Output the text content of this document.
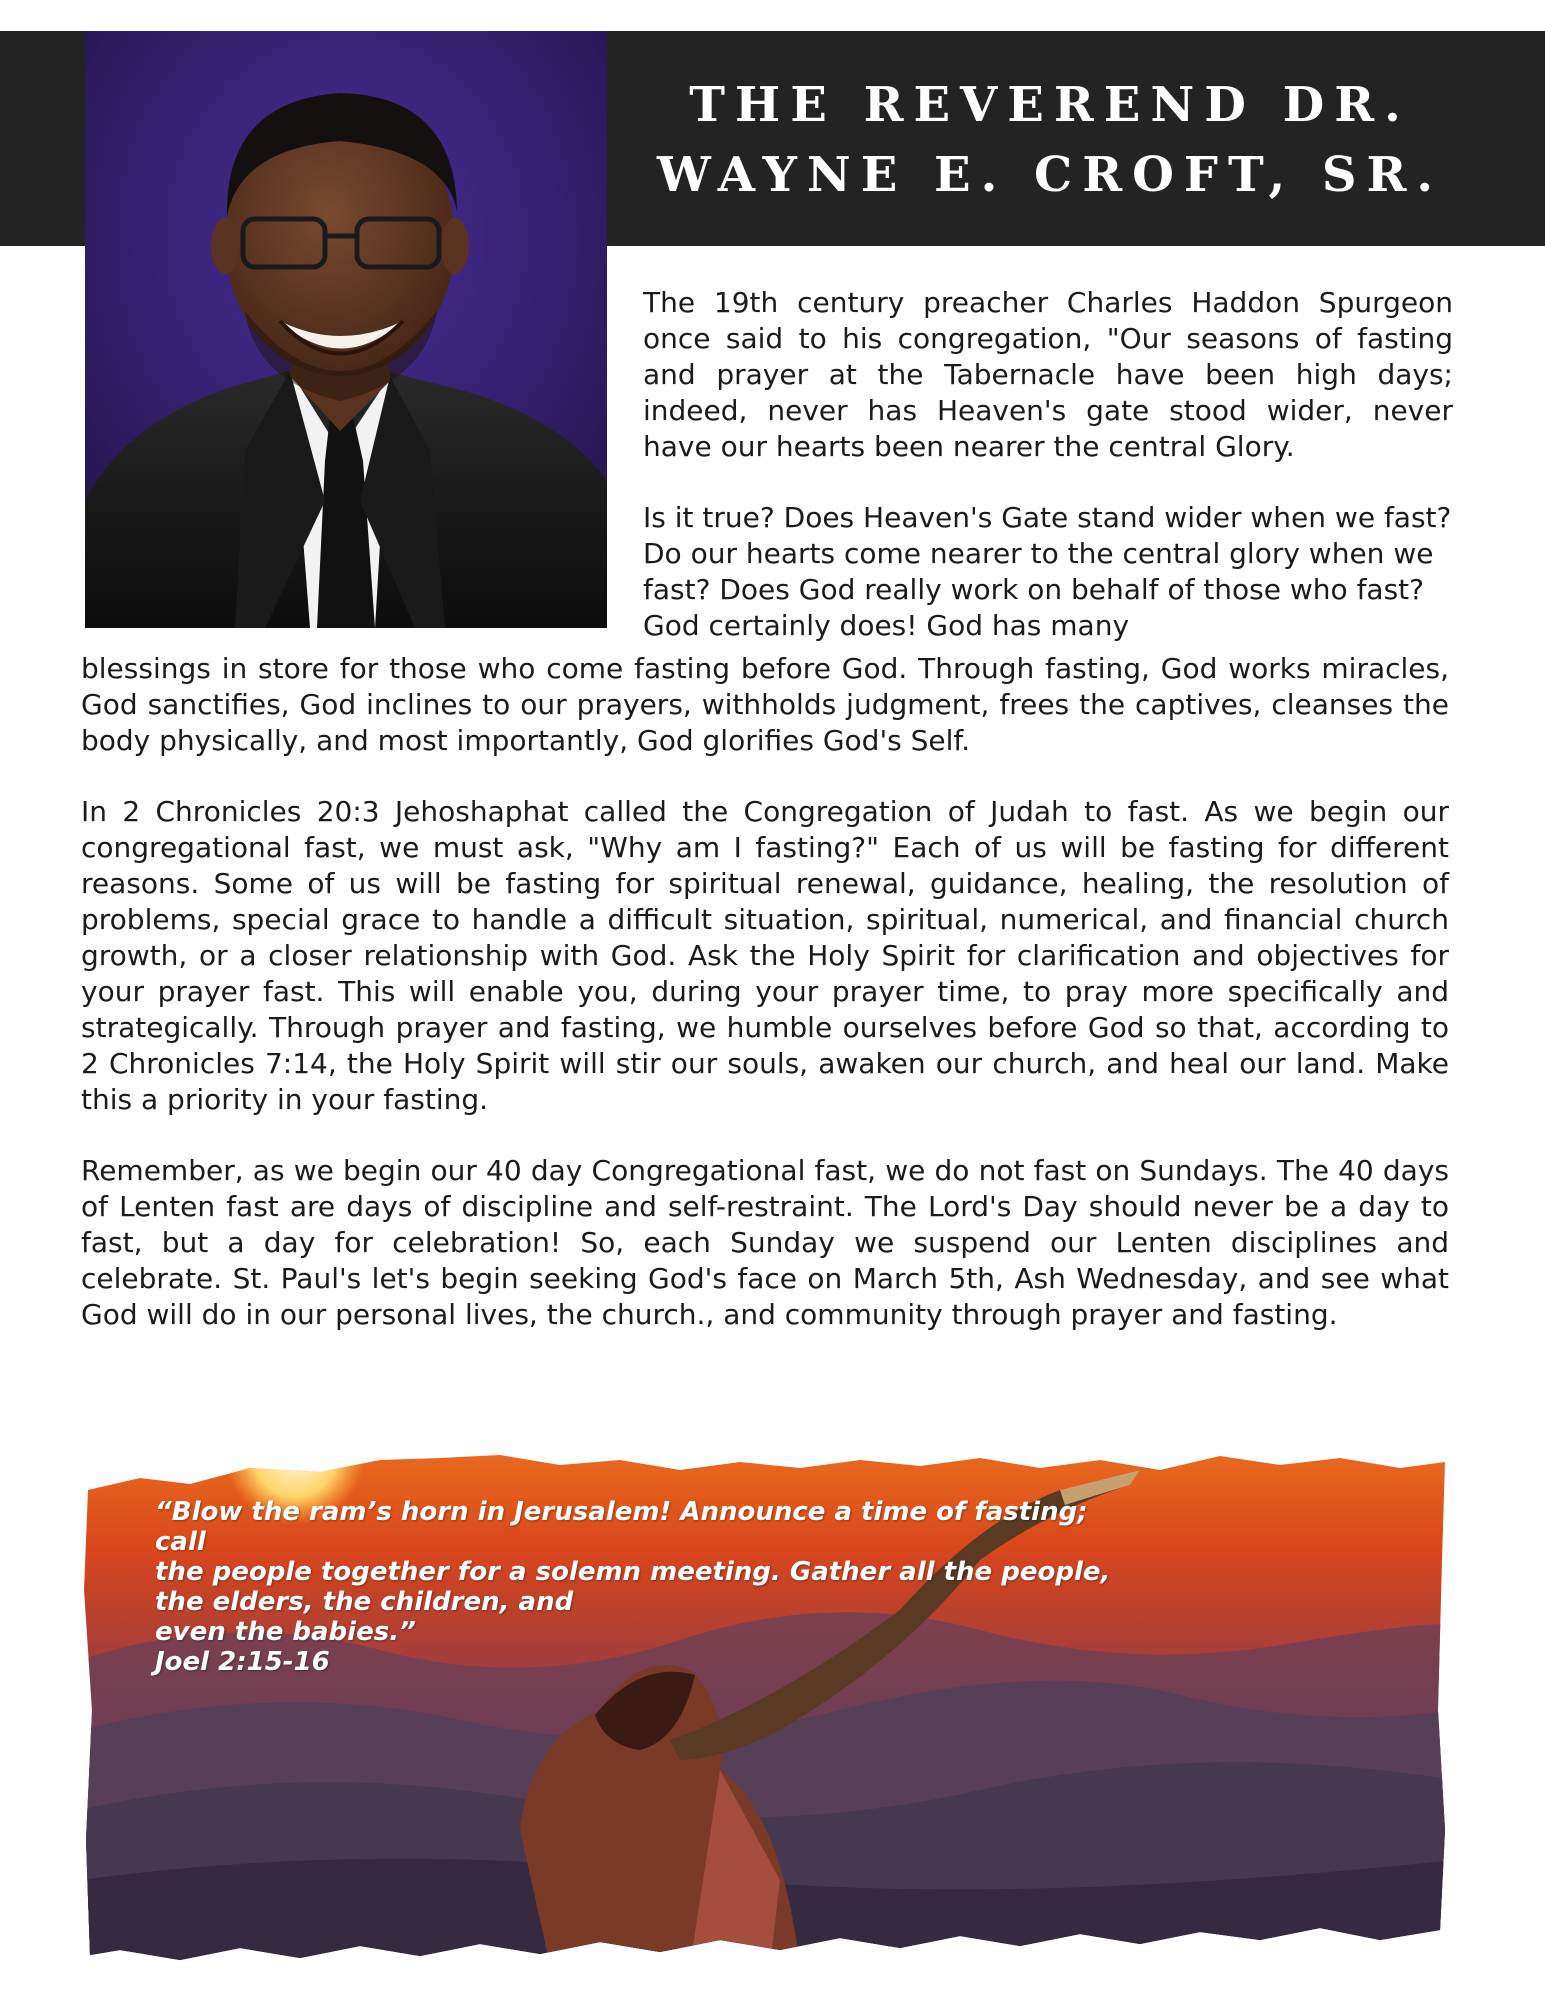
THE REVEREND DR.
WAYNE E. CROFT, SR.

The 19th century preacher Charles Haddon Spurgeon once said to his congregation, "Our seasons of fasting and prayer at the Tabernacle have been high days; indeed, never has Heaven's gate stood wider, never have our hearts been nearer the central Glory.

Is it true? Does Heaven's Gate stand wider when we fast? Do our hearts come nearer to the central glory when we fast? Does God really work on behalf of those who fast? God certainly does! God has many

blessings in store for those who come fasting before God. Through fasting, God works miracles, God sanctifies, God inclines to our prayers, withholds judgment, frees the captives, cleanses the body physically, and most importantly, God glorifies God's Self.

In 2 Chronicles 20:3 Jehoshaphat called the Congregation of Judah to fast. As we begin our congregational fast, we must ask, "Why am I fasting?" Each of us will be fasting for different reasons. Some of us will be fasting for spiritual renewal, guidance, healing, the resolution of problems, special grace to handle a difficult situation, spiritual, numerical, and financial church growth, or a closer relationship with God. Ask the Holy Spirit for clarification and objectives for your prayer fast. This will enable you, during your prayer time, to pray more specifically and strategically. Through prayer and fasting, we humble ourselves before God so that, according to 2 Chronicles 7:14, the Holy Spirit will stir our souls, awaken our church, and heal our land. Make this a priority in your fasting.

Remember, as we begin our 40 day Congregational fast, we do not fast on Sundays. The 40 days of Lenten fast are days of discipline and self-restraint. The Lord's Day should never be a day to fast, but a day for celebration! So, each Sunday we suspend our Lenten disciplines and celebrate. St. Paul's let's begin seeking God's face on March 5th, Ash Wednesday, and see what God will do in our personal lives, the church., and community through prayer and fasting.

“Blow the ram’s horn in Jerusalem! Announce a time of fasting; call
the people together for a solemn meeting. Gather all the people,
the elders, the children, and
even the babies.”
Joel 2:15-16
